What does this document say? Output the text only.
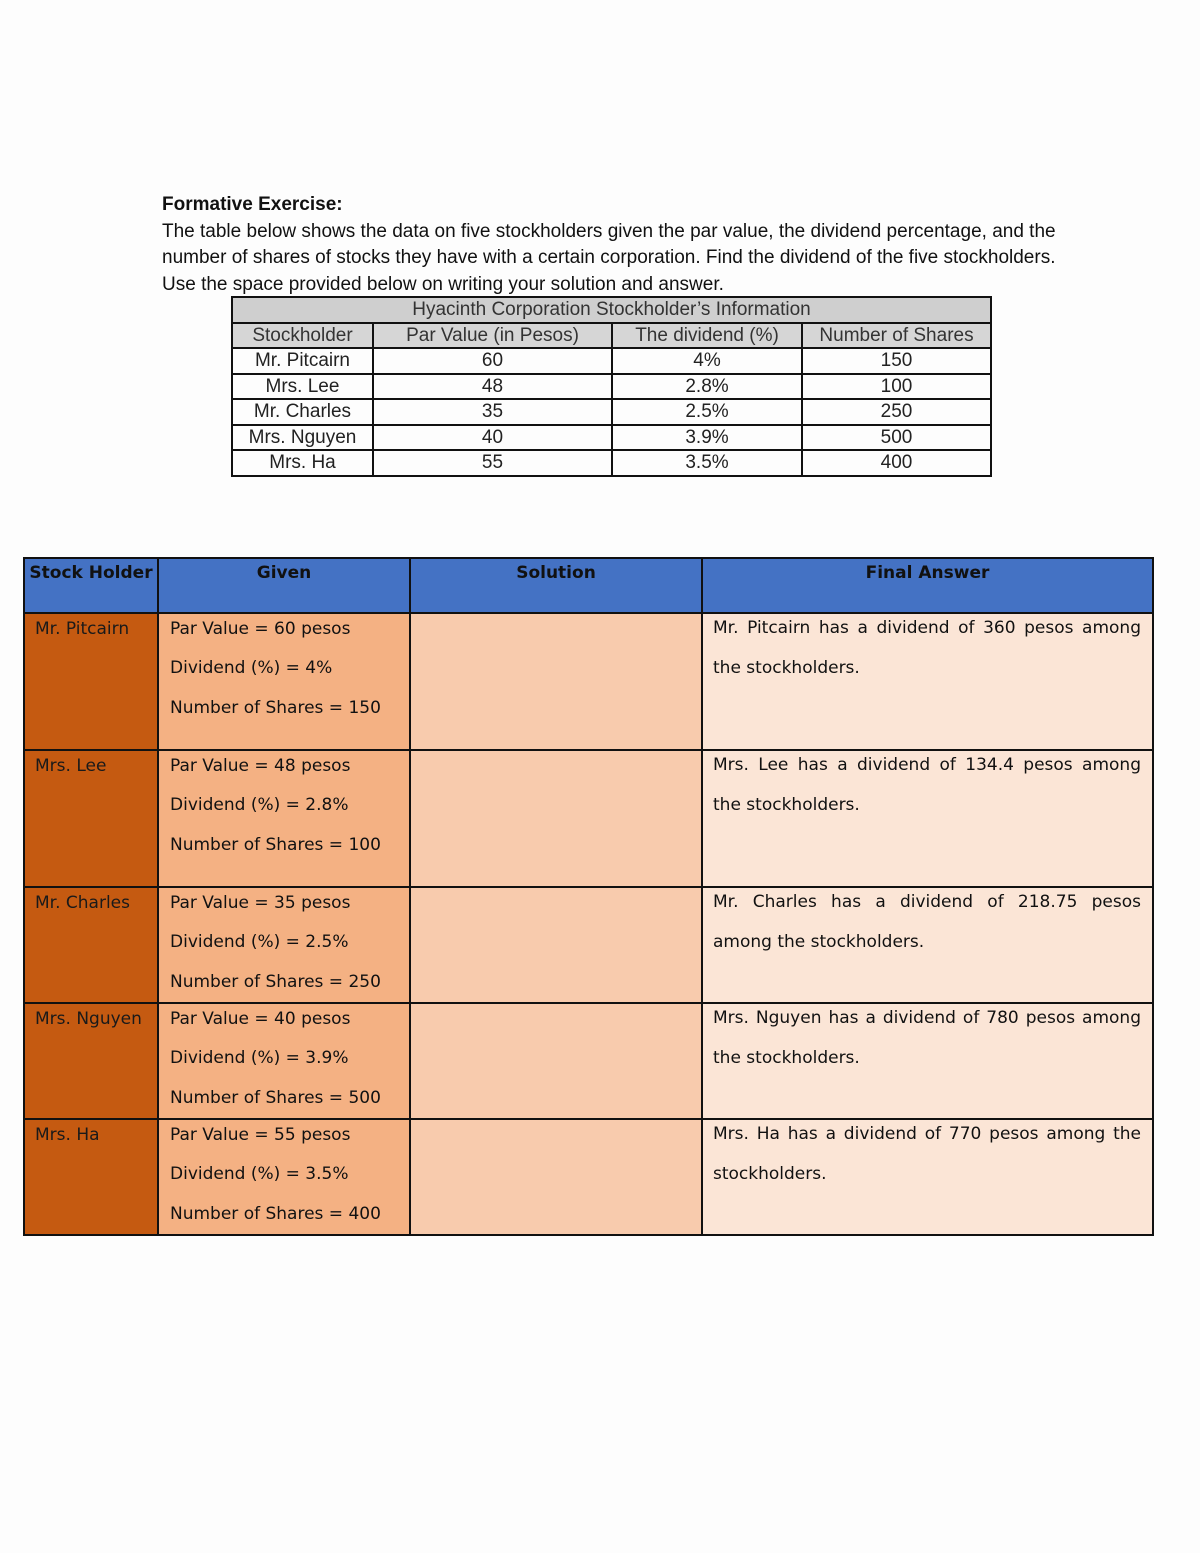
Formative Exercise:
The table below shows the data on five stockholders given the par value, the dividend percentage, and the number of shares of stocks they have with a certain corporation. Find the dividend of the five stockholders. Use the space provided below on writing your solution and answer.
Hyacinth Corporation Stockholder’s Information			
Stockholder	Par Value (in Pesos)	The dividend (%)	Number of Shares
Mr. Pitcairn	60	4%	150
Mrs. Lee	48	2.8%	100
Mr. Charles	35	2.5%	250
Mrs. Nguyen	40	3.9%	500
Mrs. Ha	55	3.5%	400
Stock Holder	Given	Solution	Final Answer
Mr. Pitcairn	Par Value = 60 pesos
Dividend (%) = 4%
Number of Shares = 150		Mr. Pitcairn has a dividend of 360 pesos among the stockholders.

Mrs. Lee	Par Value = 48 pesos
Dividend (%) = 2.8%
Number of Shares = 100		Mrs. Lee has a dividend of 134.4 pesos among the stockholders.

Mr. Charles	Par Value = 35 pesos
Dividend (%) = 2.5%
Number of Shares = 250		Mr. Charles has a dividend of 218.75 pesos among the stockholders.

Mrs. Nguyen	Par Value = 40 pesos
Dividend (%) = 3.9%
Number of Shares = 500		Mrs. Nguyen has a dividend of 780 pesos among the stockholders.

Mrs. Ha	Par Value = 55 pesos
Dividend (%) = 3.5%
Number of Shares = 400		Mrs. Ha has a dividend of 770 pesos among the stockholders.
